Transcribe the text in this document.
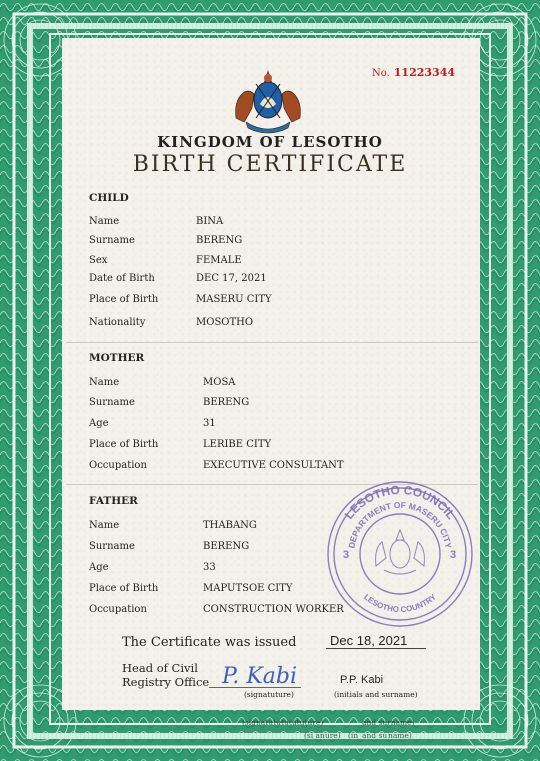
No. 11223344
KINGDOM OF LESOTHO
BIRTH CERTIFICATE
CHILD
Name	BINA
Surname	BERENG
Sex	FEMALE
Date of Birth	DEC 17, 2021
Place of Birth	MASERU CITY
Nationality	MOSOTHO
MOTHER
Name	MOSA
Surname	BERENG
Age	31
Place of Birth	LERIBE CITY
Occupation	EXECUTIVE CONSULTANT
FATHER
Name	THABANG
Surname	BERENG
Age	33
Place of Birth	MAPUTSOE CITY
Occupation	CONSTRUCTION WORKER
LESOTHO COUNCIL
DEPARTMENT OF MASERU CITY
LESOTHO COUNTRY
3	3
The Certificate was issued	Dec 18, 2021
Head of Civil
Registry Office P. Kabi
(signatuture)
P.P. Kabi
(initials and surname)
(signatutututututure)	and surname)
(si anure) (in and su name)
